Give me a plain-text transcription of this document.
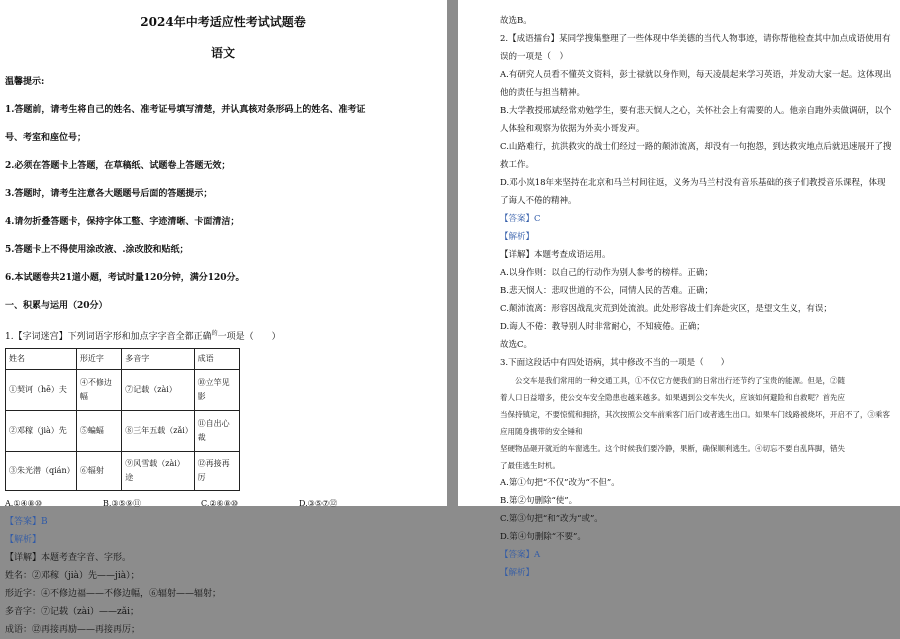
2024年中考适应性考试试题卷

语文

温馨提示:

1.答题前，请考生将自己的姓名、准考证号填写清楚，并认真核对条形码上的姓名、准考证

号、考室和座位号；

2.必须在答题卡上答题，在草稿纸、试题卷上答题无效；

3.答题时，请考生注意各大题题号后面的答题提示；

4.请勿折叠答题卡，保持字体工整、字迹清晰、卡面清洁；

5.答题卡上不得使用涂改液、.涂改胶和贴纸；

6.本试题卷共21道小题，考试时量120分钟，满分120分。

一、积累与运用（20分）

1.【字词迷宫】下列词语字形和加点字字音全都正确$^的$一项是（　　）

姓名	形近字	多音字	成语
①契诃（hē）夫	④不修边幅	⑦记载（zài）	⑩立竿见影
②邓稼（jià）先	⑤蝙蝠	⑧三年五载（zǎi）	⑪自出心裁
③朱光潜（qián）	⑥辐射	⑨风雪载（zài）途	⑫再接再厉
A.①④⑧⑩	B.③⑤⑨⑪	C.②⑥⑧⑩	D.③⑤⑦⑫

【答案】B

【解析】

【详解】本题考查字音、字形。

姓名：②邓稼（jià）先——jià）；

形近字：④不修边福——不修边幅，⑥辐射——辐射；

多音字：⑦记载（zài）——zǎi；

成语：⑫再接再励——再接再厉；

故选B。

2.【成语擂台】某同学搜集整理了一些体现中华美德的当代人物事迹，请你帮他检查其中加点成语使用有

误的一项是（　）

A.有研究人员看不懂英文资料，彭士禄就以身作则，每天凌晨起来学习英语，并发动大家一起。这体现出

他的责任与担当精神。

B.大学教授邢斌经常劝勉学生，要有悲天悯人之心，关怀社会上有需要的人。他亲自跑外卖做调研，以个

人体验和观察为依据为外卖小哥发声。

C.山路难行，抗洪救灾的战士们经过一路的颠沛流离，却没有一句抱怨，到达救灾地点后就迅速展开了搜

救工作。

D.邓小岚18年来坚持在北京和马兰村间往返，义务为马兰村没有音乐基础的孩子们教授音乐课程，体现

了诲人不倦的精神。

【答案】C

【解析】

【详解】本题考查成语运用。

A.以身作则：以自己的行动作为别人参考的榜样。正确；

B.悲天悯人：悲叹世道的不公，同情人民的苦难。正确；

C.颠沛流离：形容因战乱灾荒到处流浪。此处形容战士们奔赴灾区，是望文生义，有误；

D.诲人不倦：教导别人时非常耐心，不知疲倦。正确；

故选C。

3.下面这段话中有四处语病，其中修改不当的一项是（　　）

　　公交车是我们常用的一种交通工具，①不仅它方便我们的日常出行还节约了宝贵的能源。但是，②随

着人口日益增多，使公交车安全隐患也越来越多。如果遇到公交车失火，应该如何避险和自救呢？首先应

当保持镇定，不要惊慌和拥挤，其次按照公交车前乘客门后门或者逃生出口。如果车门线路被烧坏，开启不了，③乘客应用随身携带的安全锤和

坚硬物品砸开就近的车窗逃生。这个时候我们要冷静，果断，确保顺利逃生。④切忘不要自乱阵脚，错失

了最佳逃生时机。

A.第①句把“不仅”改为“不但”。

B.第②句删除“使”。

C.第③句把“和”改为“或”。

D.第④句删除“不要”。

【答案】A

【解析】
